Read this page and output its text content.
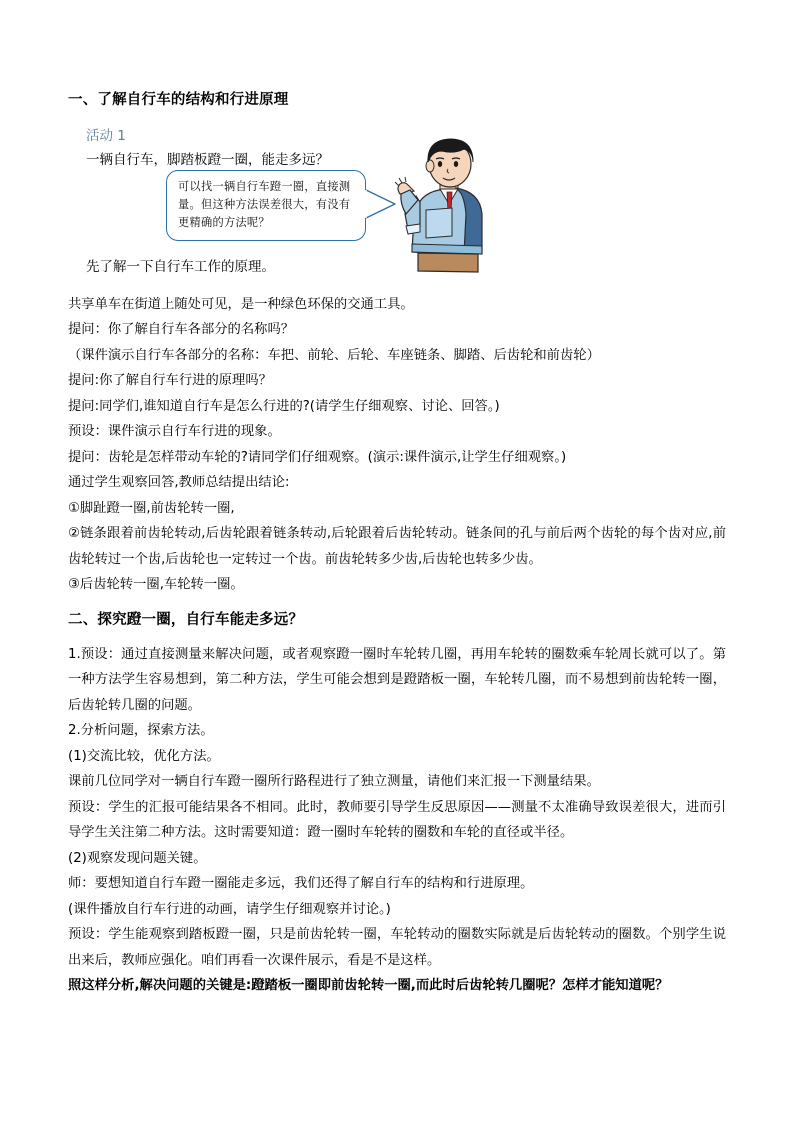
一、了解自行车的结构和行进原理
活动 1
一辆自行车，脚踏板蹬一圈，能走多远？
可以找一辆自行车蹬一圈，直接测量。但这种方法误差很大，有没有更精确的方法呢？
先了解一下自行车工作的原理。

共享单车在街道上随处可见，是一种绿色环保的交通工具。

提问：你了解自行车各部分的名称吗？

（课件演示自行车各部分的名称：车把、前轮、后轮、车座链条、脚踏、后齿轮和前齿轮）

提问:你了解自行车行进的原理吗？

提问:同学们,谁知道自行车是怎么行进的?(请学生仔细观察、讨论、回答。)

预设：课件演示自行车行进的现象。

提问：齿轮是怎样带动车轮的?请同学们仔细观察。(演示:课件演示,让学生仔细观察。)

通过学生观察回答,教师总结提出结论:

①脚趾蹬一圈,前齿轮转一圈,

②链条跟着前齿轮转动,后齿轮跟着链条转动,后轮跟着后齿轮转动。链条间的孔与前后两个齿轮的每个齿对应,前齿轮转过一个齿,后齿轮也一定转过一个齿。前齿轮转多少齿,后齿轮也转多少齿。

③后齿轮转一圈,车轮转一圈。

二、探究蹬一圈，自行车能走多远？

1.预设：通过直接测量来解决问题，或者观察蹬一圈时车轮转几圈，再用车轮转的圈数乘车轮周长就可以了。第一种方法学生容易想到，第二种方法，学生可能会想到是蹬踏板一圈，车轮转几圈，而不易想到前齿轮转一圈，后齿轮转几圈的问题。

2.分析问题，探索方法。

(1)交流比较，优化方法。

课前几位同学对一辆自行车蹬一圈所行路程进行了独立测量，请他们来汇报一下测量结果。

预设：学生的汇报可能结果各不相同。此时，教师要引导学生反思原因——测量不太准确导致误差很大，进而引导学生关注第二种方法。这时需要知道：蹬一圈时车轮转的圈数和车轮的直径或半径。

(2)观察发现问题关键。

师：要想知道自行车蹬一圈能走多远，我们还得了解自行车的结构和行进原理。

(课件播放自行车行进的动画，请学生仔细观察并讨论。)

预设：学生能观察到踏板蹬一圈，只是前齿轮转一圈，车轮转动的圈数实际就是后齿轮转动的圈数。个别学生说出来后，教师应强化。咱们再看一次课件展示，看是不是这样。

照这样分析,解决问题的关键是:蹬踏板一圈即前齿轮转一圈,而此时后齿轮转几圈呢？怎样才能知道呢？
